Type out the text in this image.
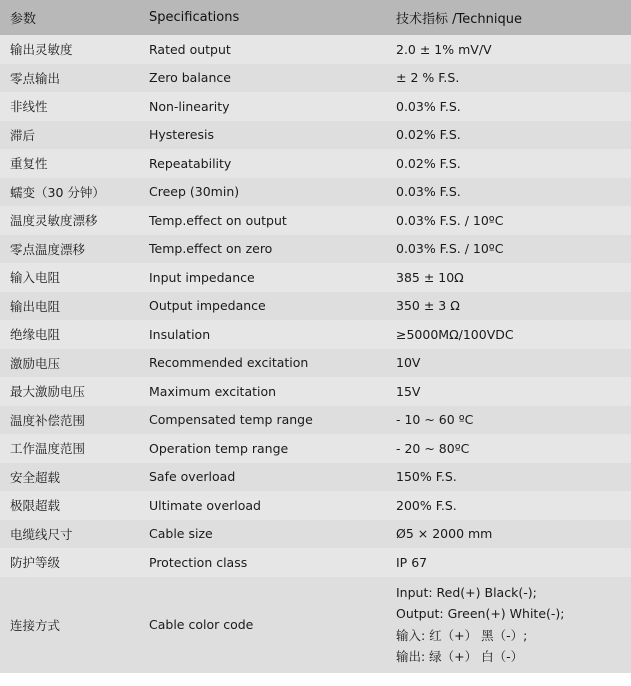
参数	Specifications	技术指标 /Technique
输出灵敏度	Rated output	2.0 ± 1% mV/V
零点输出	Zero balance	± 2 % F.S.
非线性	Non-linearity	0.03% F.S.
滞后	Hysteresis	0.02% F.S.
重复性	Repeatability	0.02% F.S.
蠕变（30 分钟）	Creep (30min)	0.03% F.S.
温度灵敏度漂移	Temp.effect on output	0.03% F.S. / 10ºC
零点温度漂移	Temp.effect on zero	0.03% F.S. / 10ºC
输入电阻	Input impedance	385 ± 10Ω
输出电阻	Output impedance	350 ± 3 Ω
绝缘电阻	Insulation	≥5000MΩ/100VDC
激励电压	Recommended excitation	10V
最大激励电压	Maximum excitation	15V
温度补偿范围	Compensated temp range	- 10 ~ 60 ºC
工作温度范围	Operation temp range	- 20 ~ 80ºC
安全超载	Safe overload	150% F.S.
极限超载	Ultimate overload	200% F.S.
电缆线尺寸	Cable size	Ø5 × 2000 mm
防护等级	Protection class	IP 67
连接方式	Cable color code	Input: Red(+) Black(-);
Output: Green(+) White(-);
输入: 红（+） 黑（-）;
输出: 绿（+） 白（-）
